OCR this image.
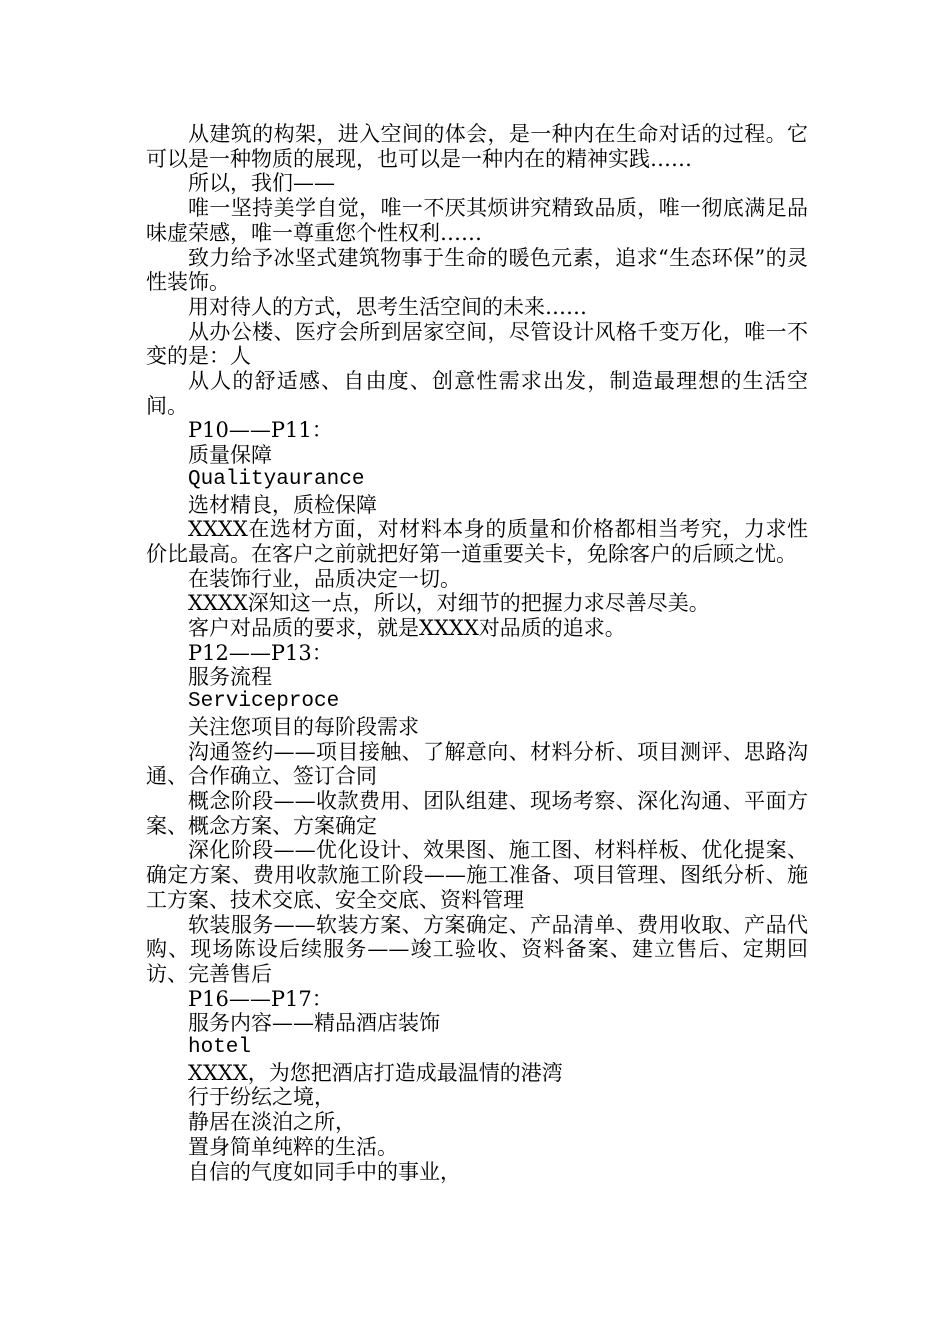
从建筑的构架，进入空间的体会，是一种内在生命对话的过程。它可以是一种物质的展现，也可以是一种内在的精神实践……

所以，我们——

唯一坚持美学自觉，唯一不厌其烦讲究精致品质，唯一彻底满足品味虚荣感，唯一尊重您个性权利……

致力给予冰坚式建筑物事于生命的暖色元素，追求“生态环保”的灵性装饰。

用对待人的方式，思考生活空间的未来……

从办公楼、医疗会所到居家空间，尽管设计风格千变万化，唯一不变的是：人

从人的舒适感、自由度、创意性需求出发，制造最理想的生活空间。

P10——P11：

质量保障

Qualityaurance

选材精良，质检保障

XXXX在选材方面，对材料本身的质量和价格都相当考究，力求性价比最高。在客户之前就把好第一道重要关卡，免除客户的后顾之忧。

在装饰行业，品质决定一切。

XXXX深知这一点，所以，对细节的把握力求尽善尽美。

客户对品质的要求，就是XXXX对品质的追求。

P12——P13：

服务流程

Serviceproce

关注您项目的每阶段需求

沟通签约——项目接触、了解意向、材料分析、项目测评、思路沟通、合作确立、签订合同

概念阶段——收款费用、团队组建、现场考察、深化沟通、平面方案、概念方案、方案确定

深化阶段——优化设计、效果图、施工图、材料样板、优化提案、确定方案、费用收款施工阶段——施工准备、项目管理、图纸分析、施工方案、技术交底、安全交底、资料管理

软装服务——软装方案、方案确定、产品清单、费用收取、产品代购、现场陈设后续服务——竣工验收、资料备案、建立售后、定期回访、完善售后

P16——P17：

服务内容——精品酒店装饰

hotel

XXXX，为您把酒店打造成最温情的港湾

行于纷纭之境，

静居在淡泊之所，

置身简单纯粹的生活。

自信的气度如同手中的事业，
